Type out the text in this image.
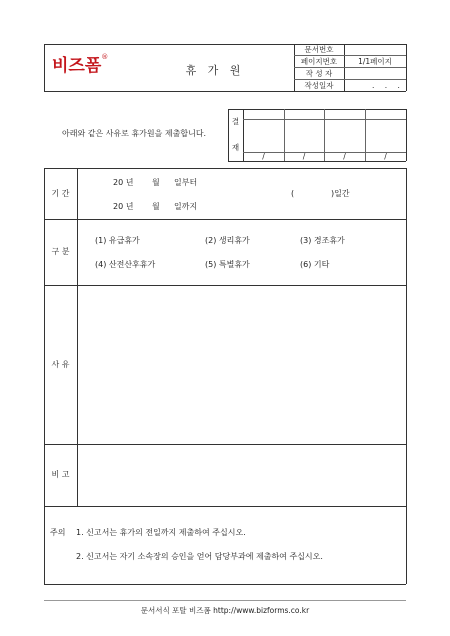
비즈폼®
휴 가 원
문서번호
페이지번호	1/1페이지
작 성 자
작성일자	. . .
아래와 같은 사유로 휴가원을 제출합니다.
결
재
/	/	/	/
기 간
20 년 월 일부터
20 년 월 일까지
(	)일간
구 분
(1) 유급휴가	(2) 생리휴가	(3) 경조휴가
(4) 산전산후휴가	(5) 특별휴가	(6) 기타
사 유
비 고
주의 1. 신고서는 휴가의 전일까지 제출하여 주십시오.
2. 신고서는 자기 소속장의 승인을 얻어 담당부과에 제출하여 주십시오.
문서서식 포탈 비즈폼 http://www.bizforms.co.kr
